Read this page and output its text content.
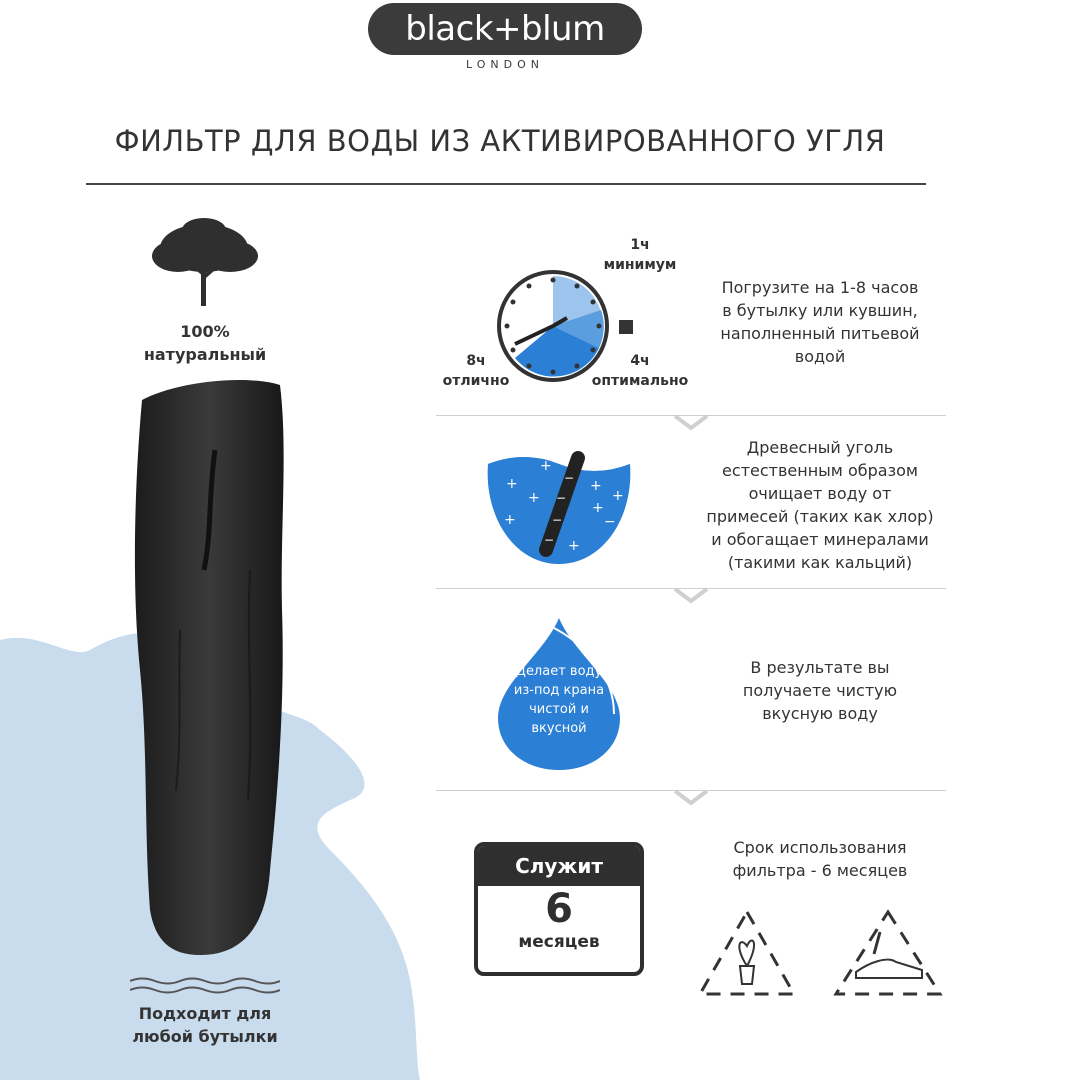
black+blum
LONDON
ФИЛЬТР ДЛЯ ВОДЫ ИЗ АКТИВИРОВАННОГО УГЛЯ
100%
натуральный
Подходит для
любой бутылки
1ч
минимум
4ч
оптимально
8ч
отлично
Погрузите на 1-8 часов
в бутылку или кувшин,
наполненный питьевой
водой
+
+
+
+
+
+
+
+
−
−
−
−
−
Древесный уголь
естественным образом
очищает воду от
примесей (таких как хлор)
и обогащает минералами
(такими как кальций)
Делает воду
из-под крана
чистой и
вкусной
В результате вы
получаете чистую
вкусную воду
Служит
6
месяцев
Срок использования
фильтра - 6 месяцев
